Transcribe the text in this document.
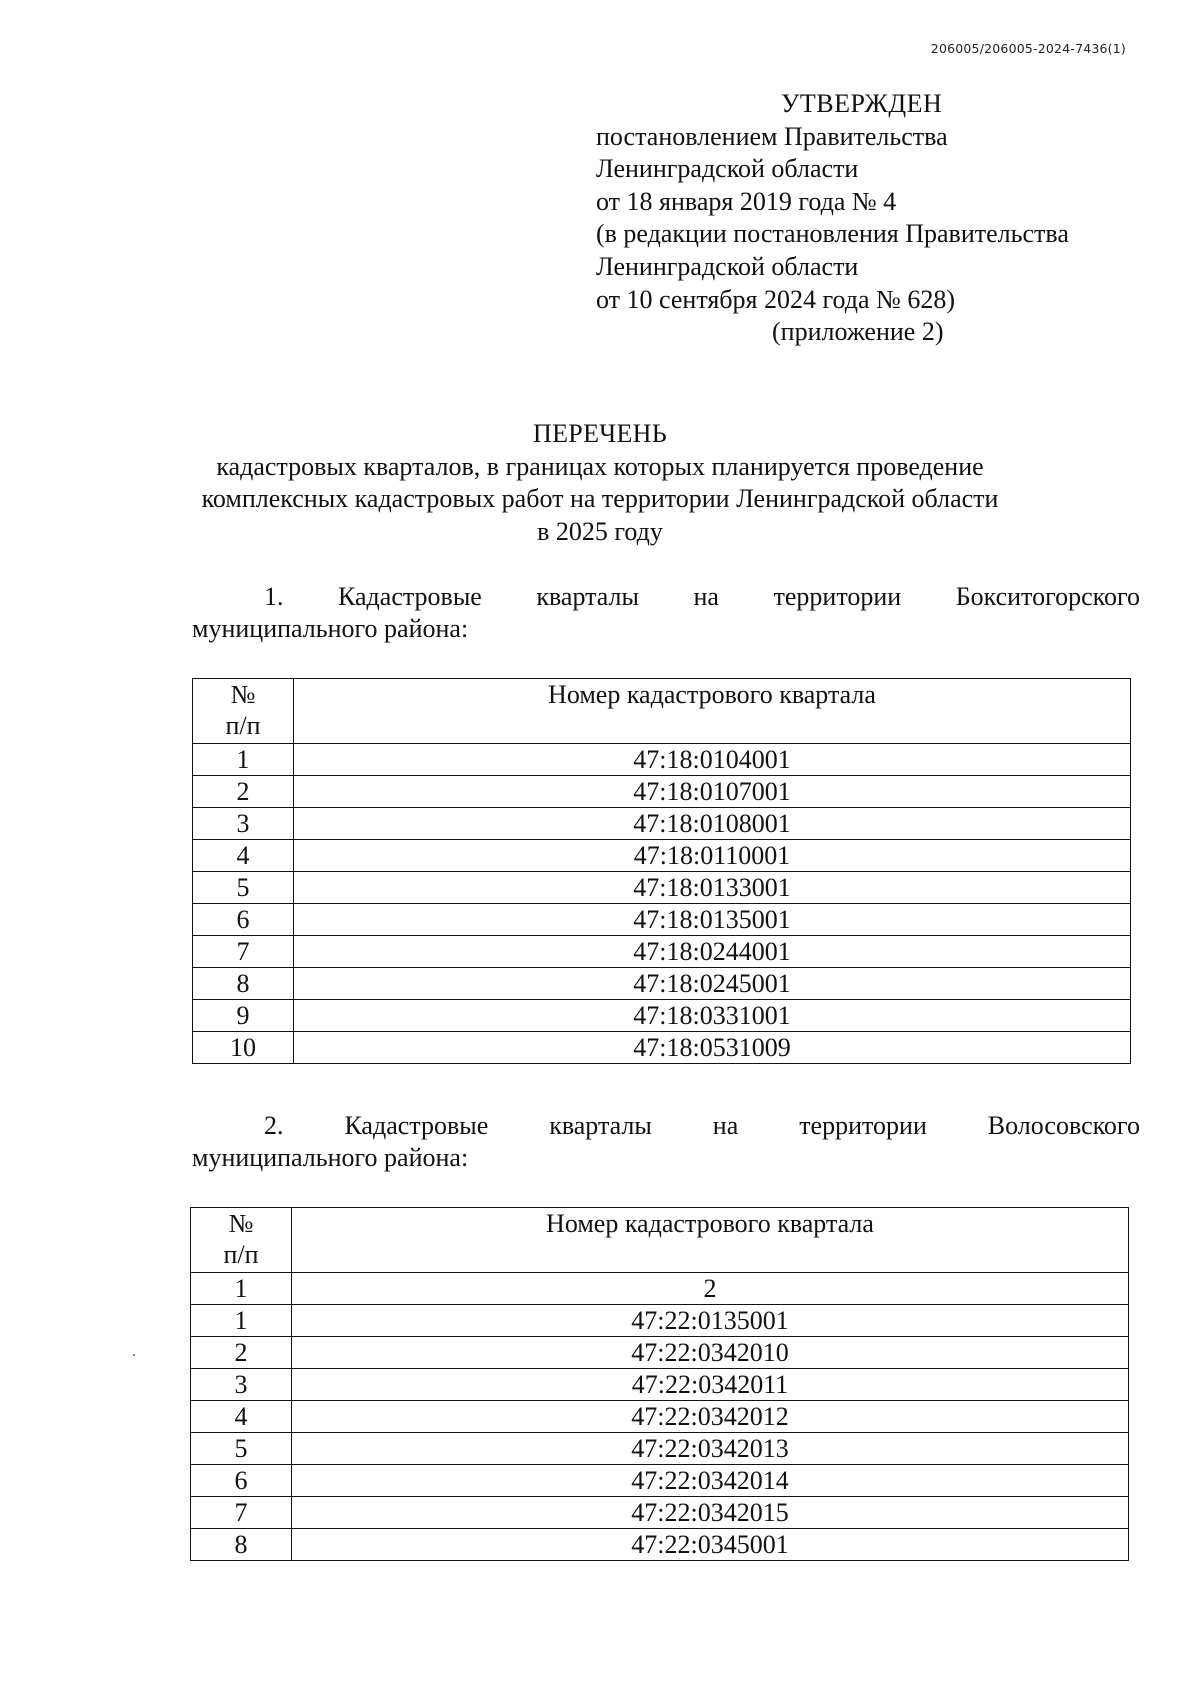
206005/206005-2024-7436(1)
УТВЕРЖДЕН
постановлением Правительства
Ленинградской области
от 18 января 2019 года № 4
(в редакции постановления Правительства
Ленинградской области
от 10 сентября 2024 года № 628)
(приложение 2)
ПЕРЕЧЕНЬ
кадастровых кварталов, в границах которых планируется проведение
комплексных кадастровых работ на территории Ленинградской области
в 2025 году
1. Кадастровые кварталы на территории Бокситогорского
муниципального района:
№
п/п	Номер кадастрового квартала
1	47:18:0104001
2	47:18:0107001
3	47:18:0108001
4	47:18:0110001
5	47:18:0133001
6	47:18:0135001
7	47:18:0244001
8	47:18:0245001
9	47:18:0331001
10	47:18:0531009
2. Кадастровые кварталы на территории Волосовского
муниципального района:
№
п/п	Номер кадастрового квартала
1	2
1	47:22:0135001
2	47:22:0342010
3	47:22:0342011
4	47:22:0342012
5	47:22:0342013
6	47:22:0342014
7	47:22:0342015
8	47:22:0345001
